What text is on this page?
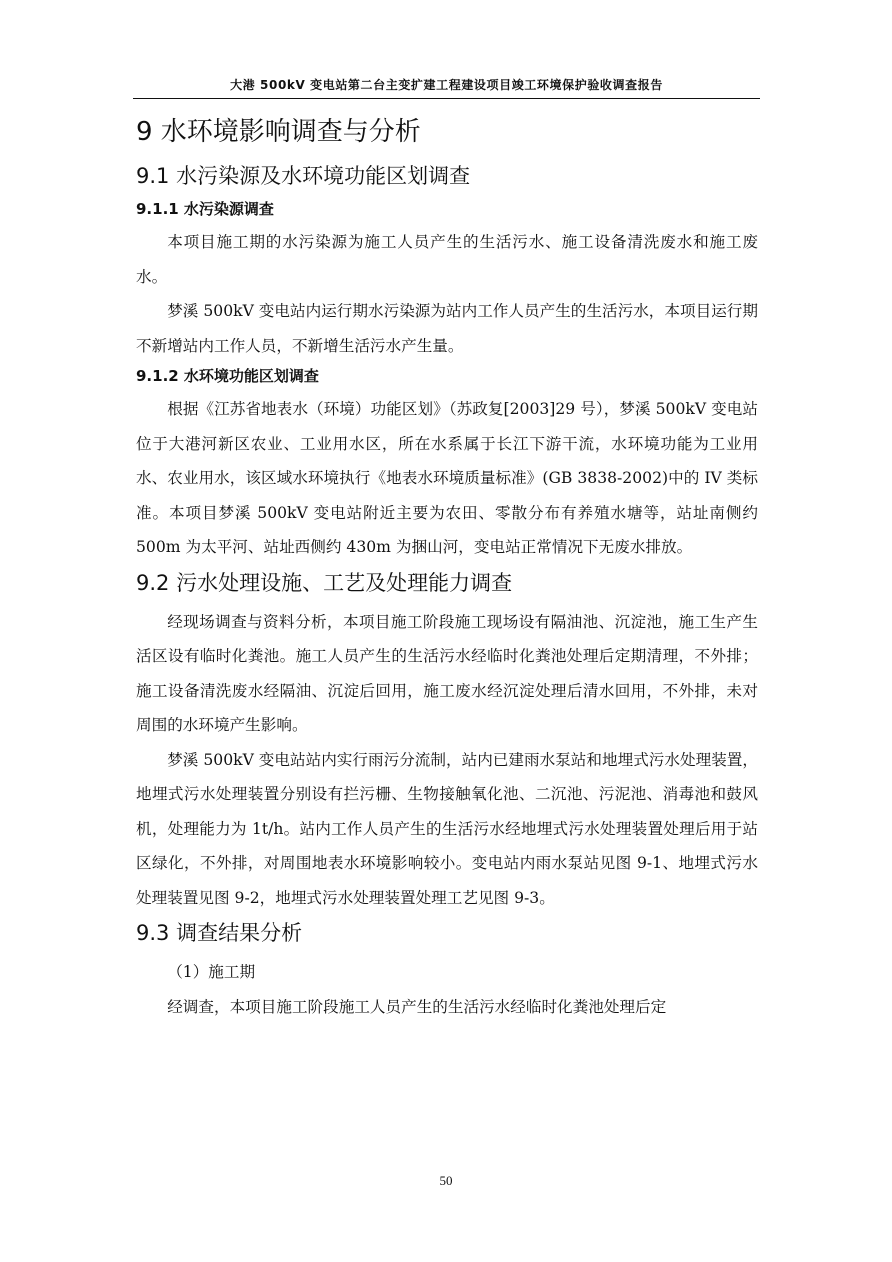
大港 500kV 变电站第二台主变扩建工程建设项目竣工环境保护验收调查报告
9 水环境影响调查与分析
9.1 水污染源及水环境功能区划调查
9.1.1 水污染源调查

本项目施工期的水污染源为施工人员产生的生活污水、施工设备清洗废水和施工废水。

梦溪 500kV 变电站内运行期水污染源为站内工作人员产生的生活污水，本项目运行期不新增站内工作人员，不新增生活污水产生量。

9.1.2 水环境功能区划调查

根据《江苏省地表水（环境）功能区划》（苏政复[2003]29 号），梦溪 500kV 变电站位于大港河新区农业、工业用水区，所在水系属于长江下游干流，水环境功能为工业用水、农业用水，该区域水环境执行《地表水环境质量标准》(GB 3838-2002)中的 IV 类标准。本项目梦溪 500kV 变电站附近主要为农田、零散分布有养殖水塘等，站址南侧约 500m 为太平河、站址西侧约 430m 为捆山河，变电站正常情况下无废水排放。

9.2 污水处理设施、工艺及处理能力调查

经现场调查与资料分析，本项目施工阶段施工现场设有隔油池、沉淀池，施工生产生活区设有临时化粪池。施工人员产生的生活污水经临时化粪池处理后定期清理，不外排；施工设备清洗废水经隔油、沉淀后回用，施工废水经沉淀处理后清水回用，不外排，未对周围的水环境产生影响。

梦溪 500kV 变电站站内实行雨污分流制，站内已建雨水泵站和地埋式污水处理装置，地埋式污水处理装置分别设有拦污栅、生物接触氧化池、二沉池、污泥池、消毒池和鼓风机，处理能力为 1t/h。站内工作人员产生的生活污水经地埋式污水处理装置处理后用于站区绿化，不外排，对周围地表水环境影响较小。变电站内雨水泵站见图 9-1、地埋式污水处理装置见图 9-2，地埋式污水处理装置处理工艺见图 9-3。

9.3 调查结果分析

（1）施工期

经调查，本项目施工阶段施工人员产生的生活污水经临时化粪池处理后定

50
